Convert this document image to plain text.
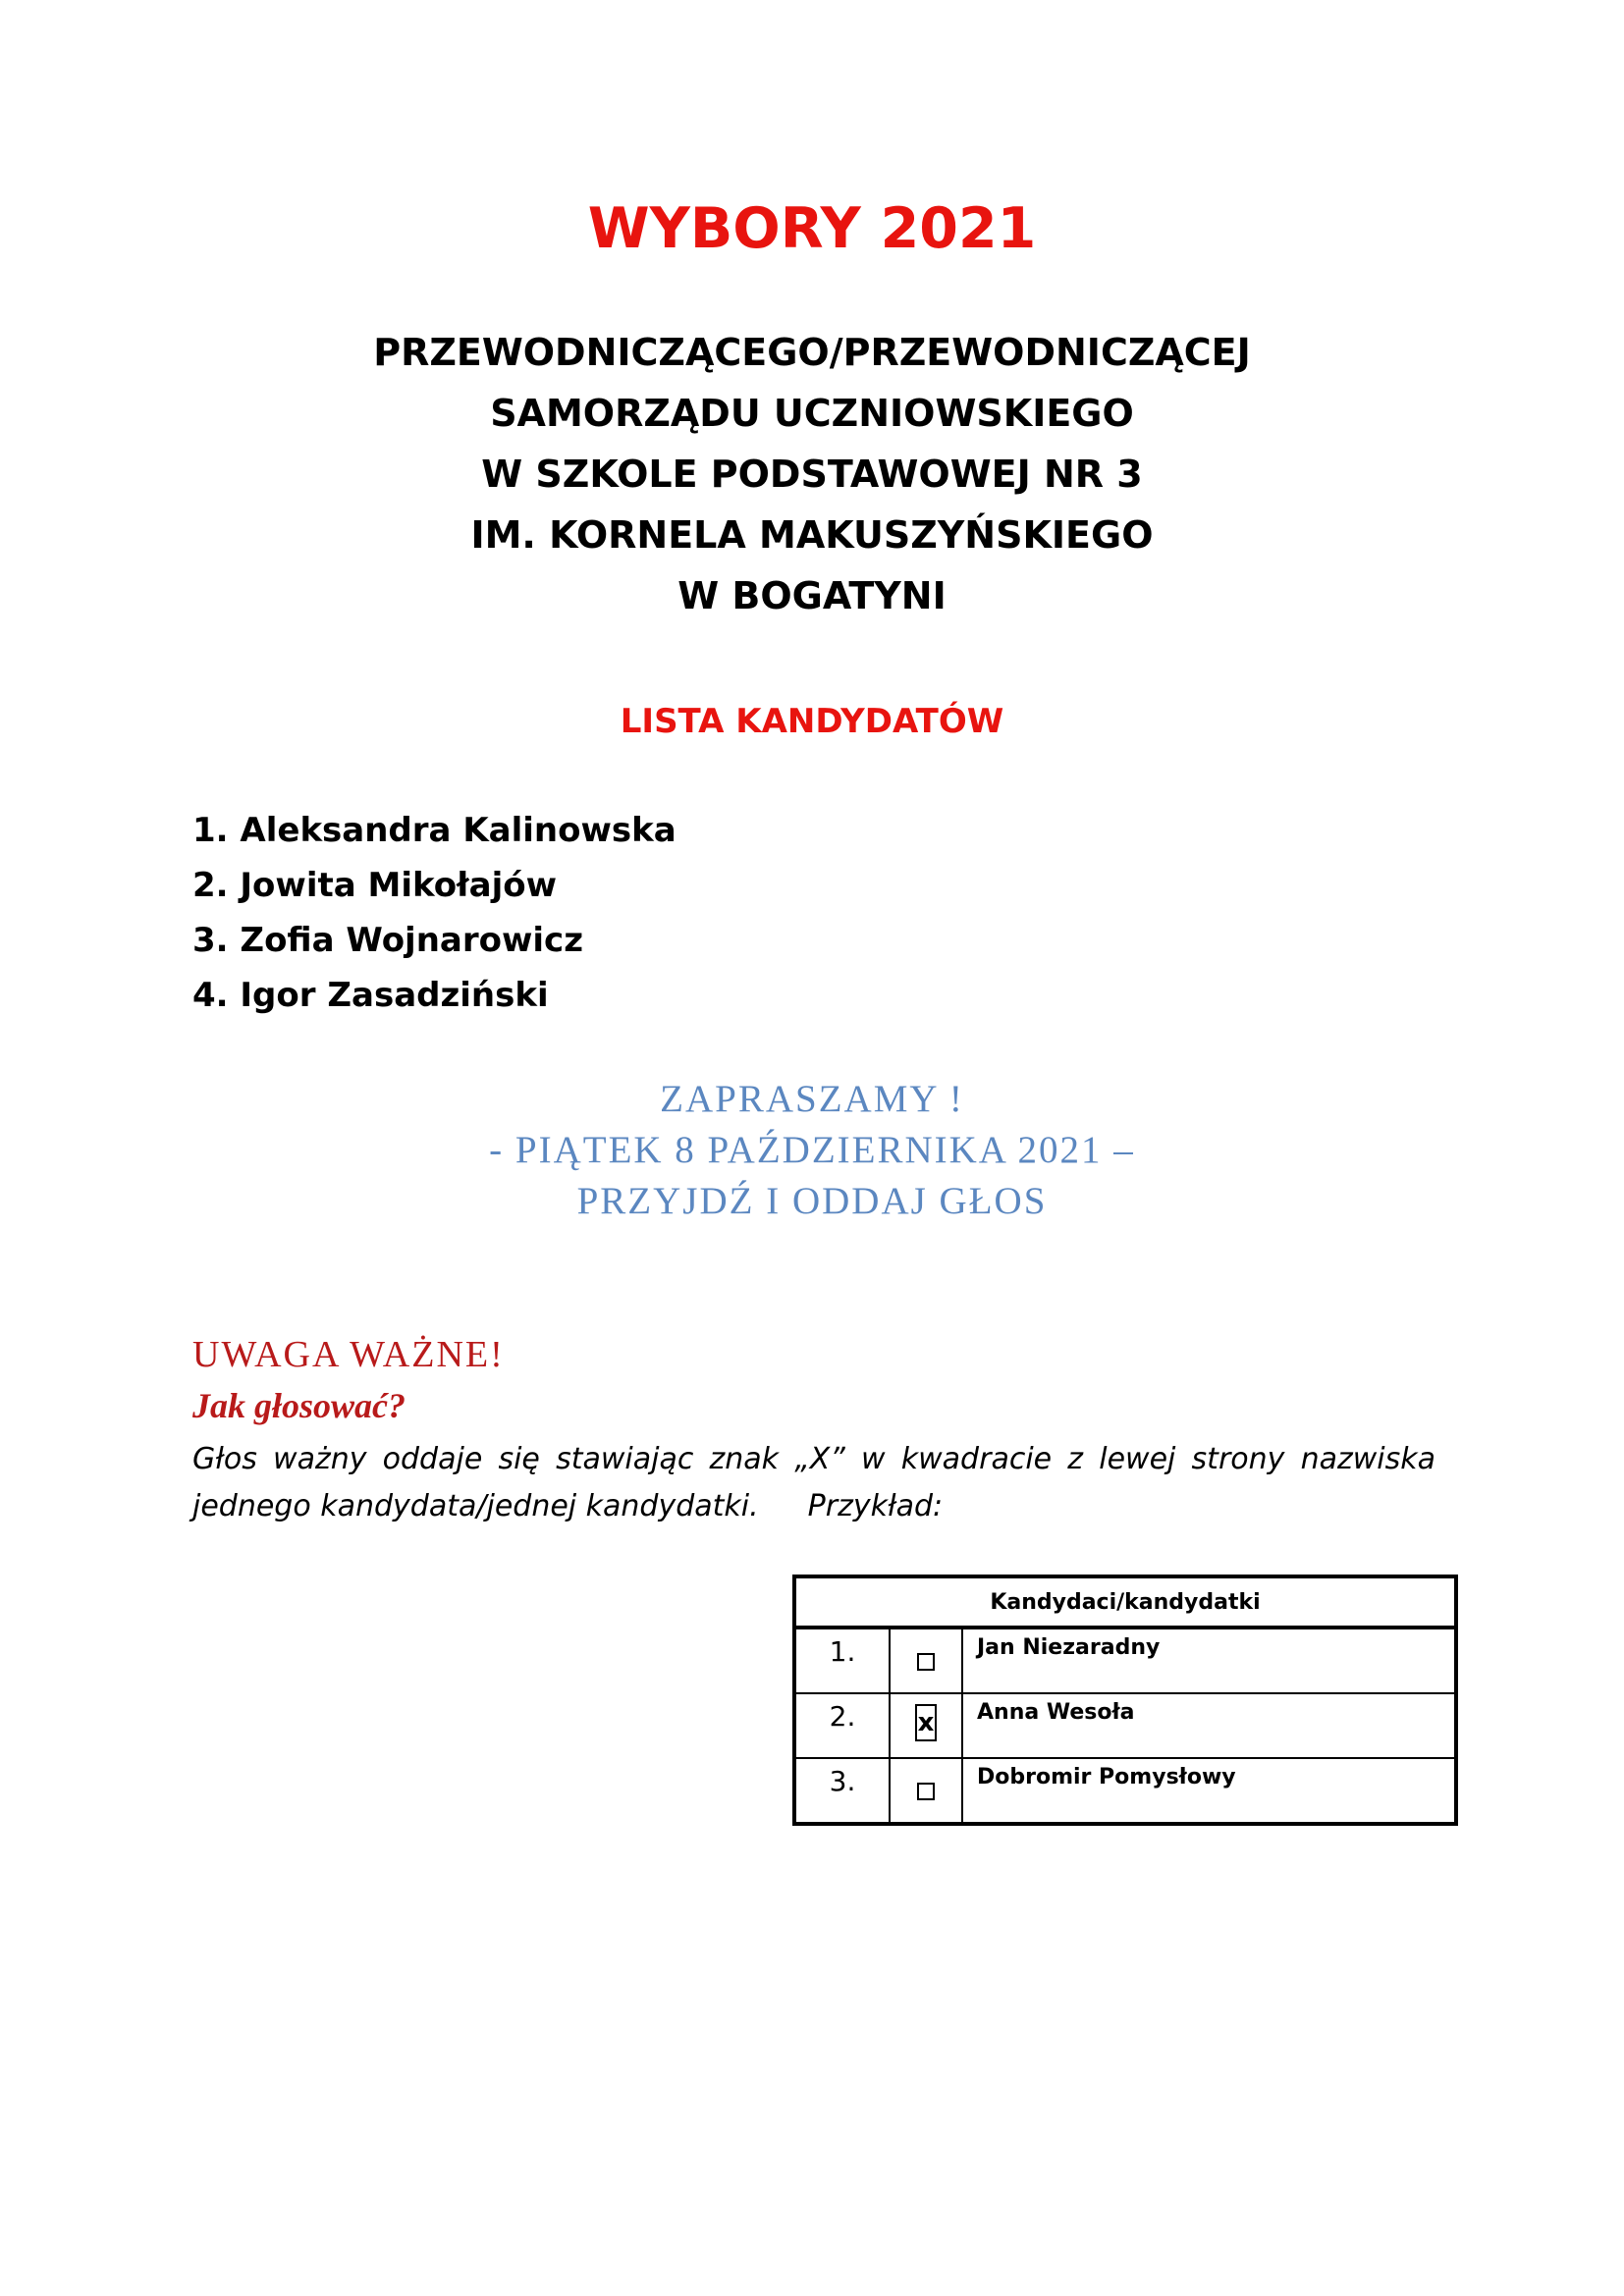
WYBORY 2021
PRZEWODNICZĄCEGO/PRZEWODNICZĄCEJ
SAMORZĄDU UCZNIOWSKIEGO
W SZKOLE PODSTAWOWEJ NR 3
IM. KORNELA MAKUSZYŃSKIEGO
W BOGATYNI
LISTA KANDYDATÓW
1. Aleksandra Kalinowska
2. Jowita Mikołajów
3. Zofia Wojnarowicz
4. Igor Zasadziński
ZAPRASZAMY !
- PIĄTEK 8 PAŹDZIERNIKA 2021 –
PRZYJDŹ I ODDAJ GŁOS
UWAGA WAŻNE!
Jak głosować?
Głos ważny oddaje się stawiając znak „X” w kwadracie z lewej strony nazwiska jednego kandydata/jednej kandydatki. Przykład:
Kandydaci/kandydatki		
1.		Jan Niezaradny
2.	x	Anna Wesoła
3.		Dobromir Pomysłowy
